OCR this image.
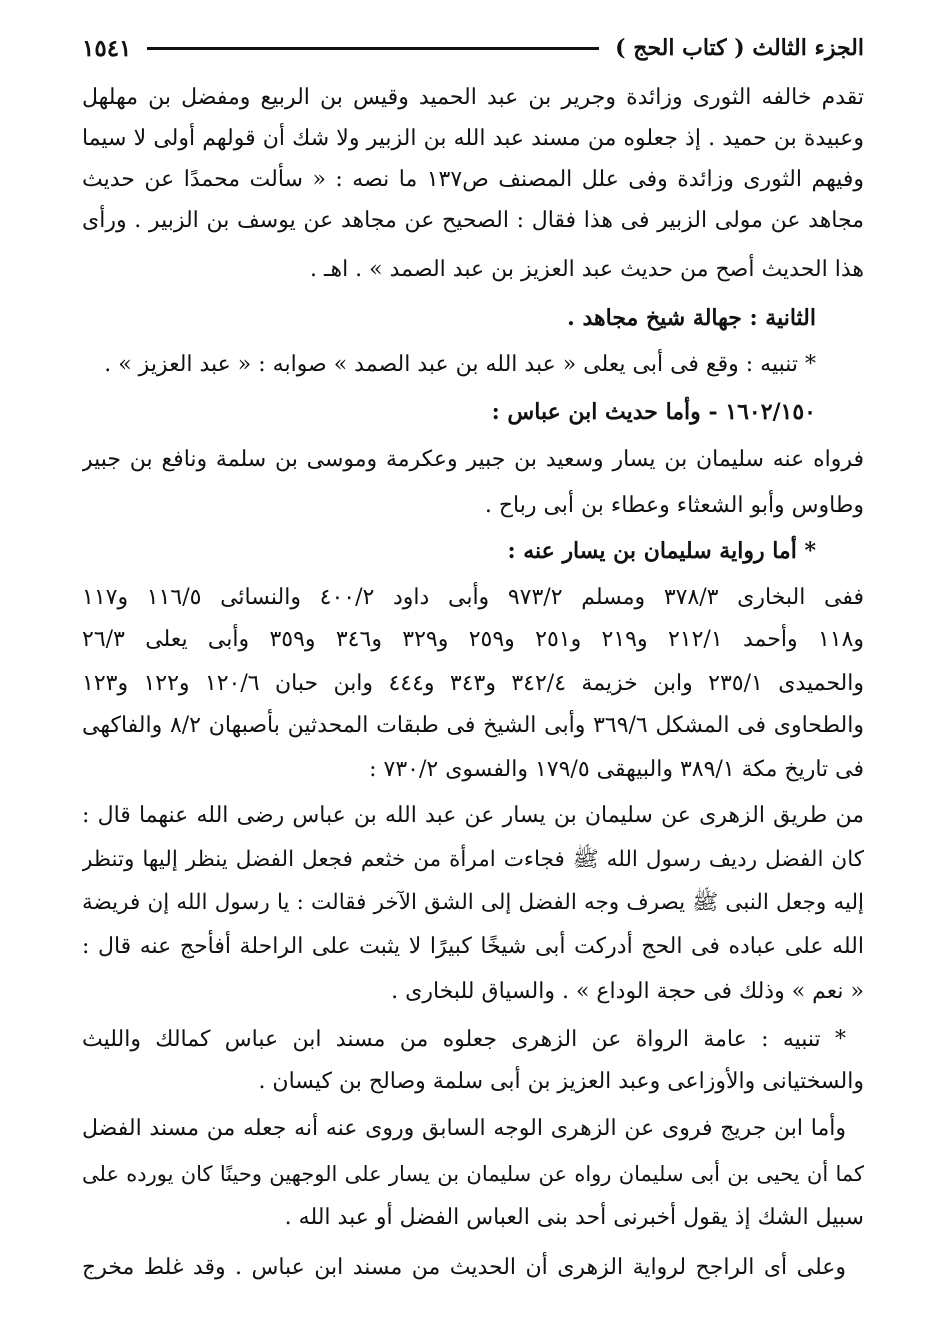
الجزء الثالث ( كتاب الحج )
١٥٤١
تقدم خالفه الثورى وزائدة وجرير بن عبد الحميد وقيس بن الربيع ومفضل بن مهلهل
وعبيدة بن حميد . إذ جعلوه من مسند عبد الله بن الزبير ولا شك أن قولهم أولى لا سيما
وفيهم الثورى وزائدة وفى علل المصنف ص١٣٧ ما نصه : « سألت محمدًا عن حديث
مجاهد عن مولى الزبير فى هذا فقال : الصحيح عن مجاهد عن يوسف بن الزبير . ورأى
هذا الحديث أصح من حديث عبد العزيز بن عبد الصمد » . اهـ .
الثانية : جهالة شيخ مجاهد .
* تنبيه : وقع فى أبى يعلى « عبد الله بن عبد الصمد » صوابه : « عبد العزيز » .
١٦٠٢/١٥٠ - وأما حديث ابن عباس :
فرواه عنه سليمان بن يسار وسعيد بن جبير وعكرمة وموسى بن سلمة ونافع بن جبير
وطاوس وأبو الشعثاء وعطاء بن أبى رباح .
* أما رواية سليمان بن يسار عنه :
ففى البخارى ٣٧٨/٣ ومسلم ٩٧٣/٢ وأبى داود ٤٠٠/٢ والنسائى ١١٦/٥ و١١٧
و١١٨ وأحمد ٢١٢/١ و٢١٩ و٢٥١ و٢٥٩ و٣٢٩ و٣٤٦ و٣٥٩ وأبى يعلى ٢٦/٣
والحميدى ٢٣٥/١ وابن خزيمة ٣٤٢/٤ و٣٤٣ و٤٤٤ وابن حبان ١٢٠/٦ و١٢٢ و١٢٣
والطحاوى فى المشكل ٣٦٩/٦ وأبى الشيخ فى طبقات المحدثين بأصبهان ٨/٢ والفاكهى
فى تاريخ مكة ٣٨٩/١ والبيهقى ١٧٩/٥ والفسوى ٧٣٠/٢ :
من طريق الزهرى عن سليمان بن يسار عن عبد الله بن عباس رضى الله عنهما قال :
كان الفضل رديف رسول الله ﷺ فجاءت امرأة من خثعم فجعل الفضل ينظر إليها وتنظر
إليه وجعل النبى ﷺ يصرف وجه الفضل إلى الشق الآخر فقالت : يا رسول الله إن فريضة
الله على عباده فى الحج أدركت أبى شيخًا كبيرًا لا يثبت على الراحلة أفأحج عنه قال :
« نعم » وذلك فى حجة الوداع » . والسياق للبخارى .
* تنبيه : عامة الرواة عن الزهرى جعلوه من مسند ابن عباس كمالك والليث
والسختيانى والأوزاعى وعبد العزيز بن أبى سلمة وصالح بن كيسان .
وأما ابن جريج فروى عن الزهرى الوجه السابق وروى عنه أنه جعله من مسند الفضل
كما أن يحيى بن أبى سليمان رواه عن سليمان بن يسار على الوجهين وحينًا كان يورده على
سبيل الشك إذ يقول أخبرنى أحد بنى العباس الفضل أو عبد الله .
وعلى أى الراجح لرواية الزهرى أن الحديث من مسند ابن عباس . وقد غلط مخرج
